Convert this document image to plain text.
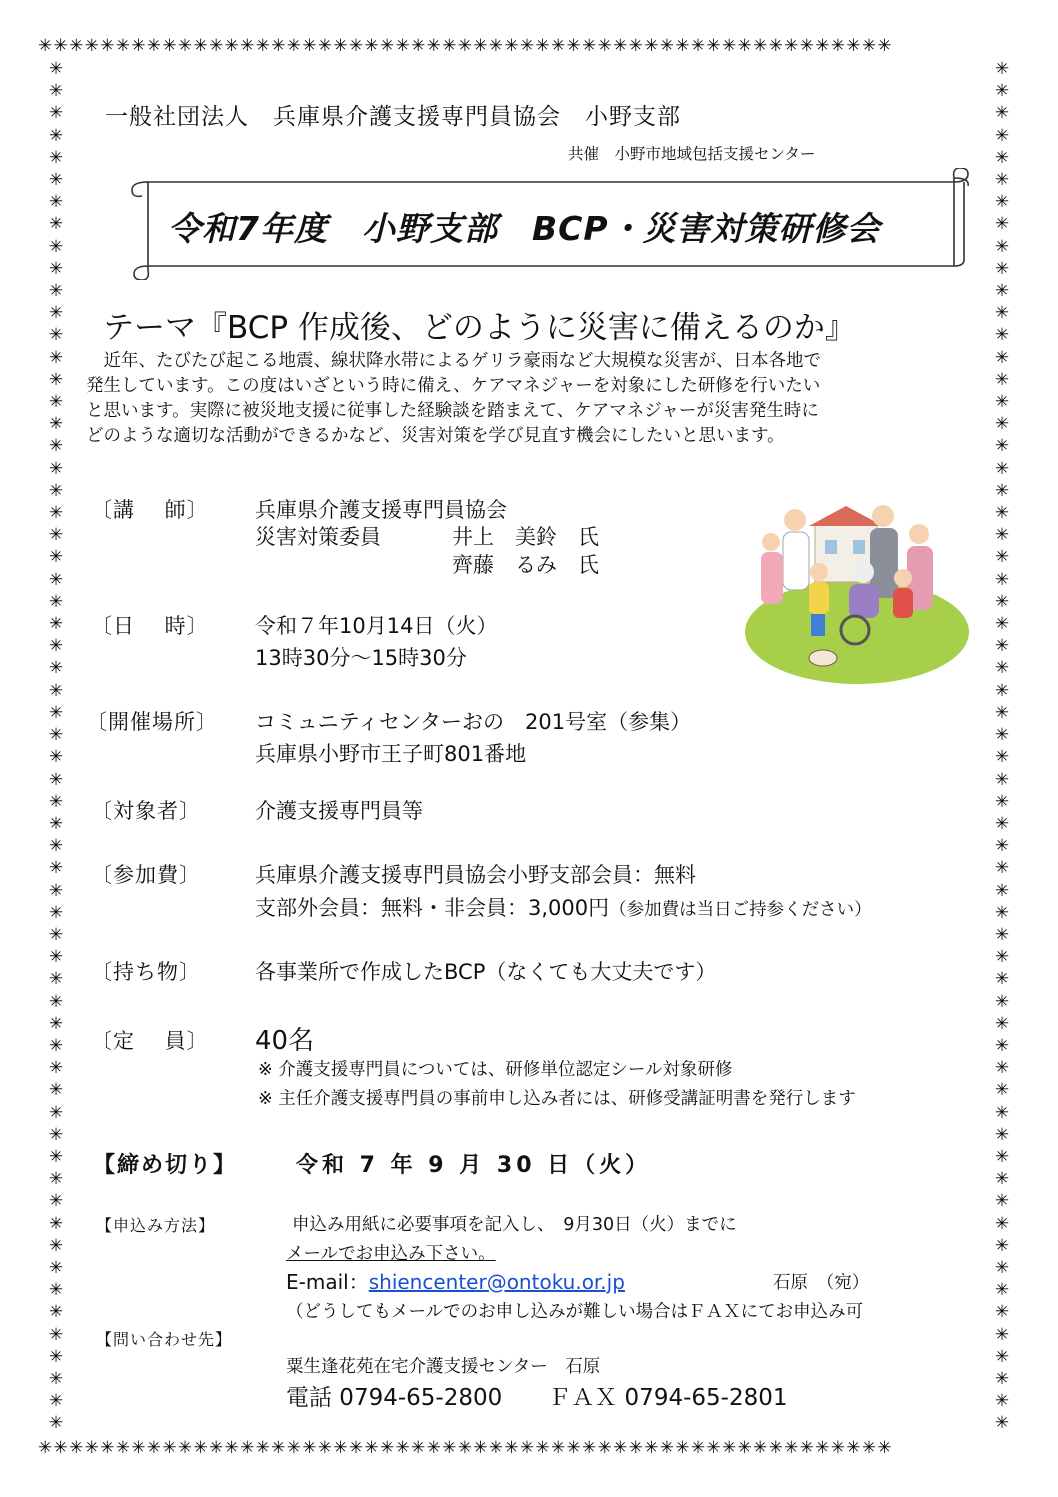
✳✳✳✳✳✳✳✳✳✳✳✳✳✳✳✳✳✳✳✳✳✳✳✳✳✳✳✳✳✳✳✳✳✳✳✳✳✳✳✳✳✳✳✳✳✳✳✳✳✳✳✳✳✳✳
✳✳✳✳✳✳✳✳✳✳✳✳✳✳✳✳✳✳✳✳✳✳✳✳✳✳✳✳✳✳✳✳✳✳✳✳✳✳✳✳✳✳✳✳✳✳✳✳✳✳✳✳✳✳✳
✳
✳
✳
✳
✳
✳
✳
✳
✳
✳
✳
✳
✳
✳
✳
✳
✳
✳
✳
✳
✳
✳
✳
✳
✳
✳
✳
✳
✳
✳
✳
✳
✳
✳
✳
✳
✳
✳
✳
✳
✳
✳
✳
✳
✳
✳
✳
✳
✳
✳
✳
✳
✳
✳
✳
✳
✳
✳
✳
✳
✳
✳
✳
✳
✳
✳
✳
✳
✳
✳
✳
✳
✳
✳
✳
✳
✳
✳
✳
✳
✳
✳
✳
✳
✳
✳
✳
✳
✳
✳
✳
✳
✳
✳
✳
✳
✳
✳
✳
✳
✳
✳
✳
✳
✳
✳
✳
✳
✳
✳
✳
✳
✳
✳
✳
✳
✳
✳
✳
✳
✳
✳
✳
✳
一般社団法人　兵庫県介護支援専門員協会　小野支部
共催　小野市地域包括支援センター
令和7年度　小野支部　BCP・災害対策研修会
テーマ『BCP 作成後、どのように災害に備えるのか』

　近年、たびたび起こる地震、線状降水帯によるゲリラ豪雨など大規模な災害が、日本各地で

発生しています。この度はいざという時に備え、ケアマネジャーを対象にした研修を行いたい

と思います。実際に被災地支援に従事した経験談を踏まえて、ケアマネジャーが災害発生時に

どのような適切な活動ができるかなど、災害対策を学び見直す機会にしたいと思います。

〔講　 師〕 兵庫県介護支援専門員協会
災害対策委員	井上　美鈴　氏
齊藤　るみ　氏
〔日　 時〕 令和７年10月14日（火）
13時30分〜15時30分
〔開催場所〕 コミュニティセンターおの　201号室（参集）
兵庫県小野市王子町801番地
〔対象者〕	介護支援専門員等
〔参加費〕	兵庫県介護支援専門員協会小野支部会員：無料
支部外会員：無料・非会員：3,000円（参加費は当日ご持参ください）
〔持ち物〕	各事業所で作成したBCP（なくても大丈夫です）
〔定　 員〕 40名
※ 介護支援専門員については、研修単位認定シール対象研修
※ 主任介護支援専門員の事前申し込み者には、研修受講証明書を発行します
【締め切り】	令和 7 年 9 月 30 日（火）
【申込み方法】	申込み用紙に必要事項を記入し、　9月30日（火）までに
メールでお申込み下さい。
E-mail：shiencenter@ontoku.or.jp	石原　（宛）
（どうしてもメールでのお申し込みが難しい場合はＦＡＸにてお申込み可
【問い合わせ先】
粟生逢花苑在宅介護支援センター　石原
電話 0794-65-2800　　ＦＡＸ 0794-65-2801
